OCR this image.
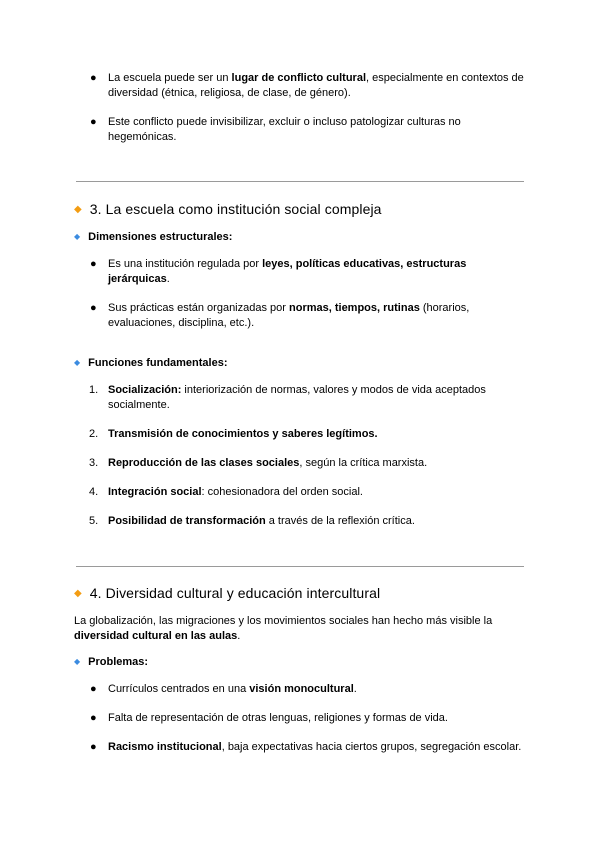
● La escuela puede ser un lugar de conflicto cultural, especialmente en contextos de diversidad (étnica, religiosa, de clase, de género).
● Este conflicto puede invisibilizar, excluir o incluso patologizar culturas no hegemónicas.
◆ 3. La escuela como institución social compleja
◆ Dimensiones estructurales:
● Es una institución regulada por leyes, políticas educativas, estructuras jerárquicas.
● Sus prácticas están organizadas por normas, tiempos, rutinas (horarios, evaluaciones, disciplina, etc.).
◆ Funciones fundamentales:
1. Socialización: interiorización de normas, valores y modos de vida aceptados socialmente.
2. Transmisión de conocimientos y saberes legítimos.
3. Reproducción de las clases sociales, según la crítica marxista.
4. Integración social: cohesionadora del orden social.
5. Posibilidad de transformación a través de la reflexión crítica.
◆ 4. Diversidad cultural y educación intercultural
La globalización, las migraciones y los movimientos sociales han hecho más visible la diversidad cultural en las aulas.
◆ Problemas:
● Currículos centrados en una visión monocultural.
● Falta de representación de otras lenguas, religiones y formas de vida.
● Racismo institucional, baja expectativas hacia ciertos grupos, segregación escolar.
